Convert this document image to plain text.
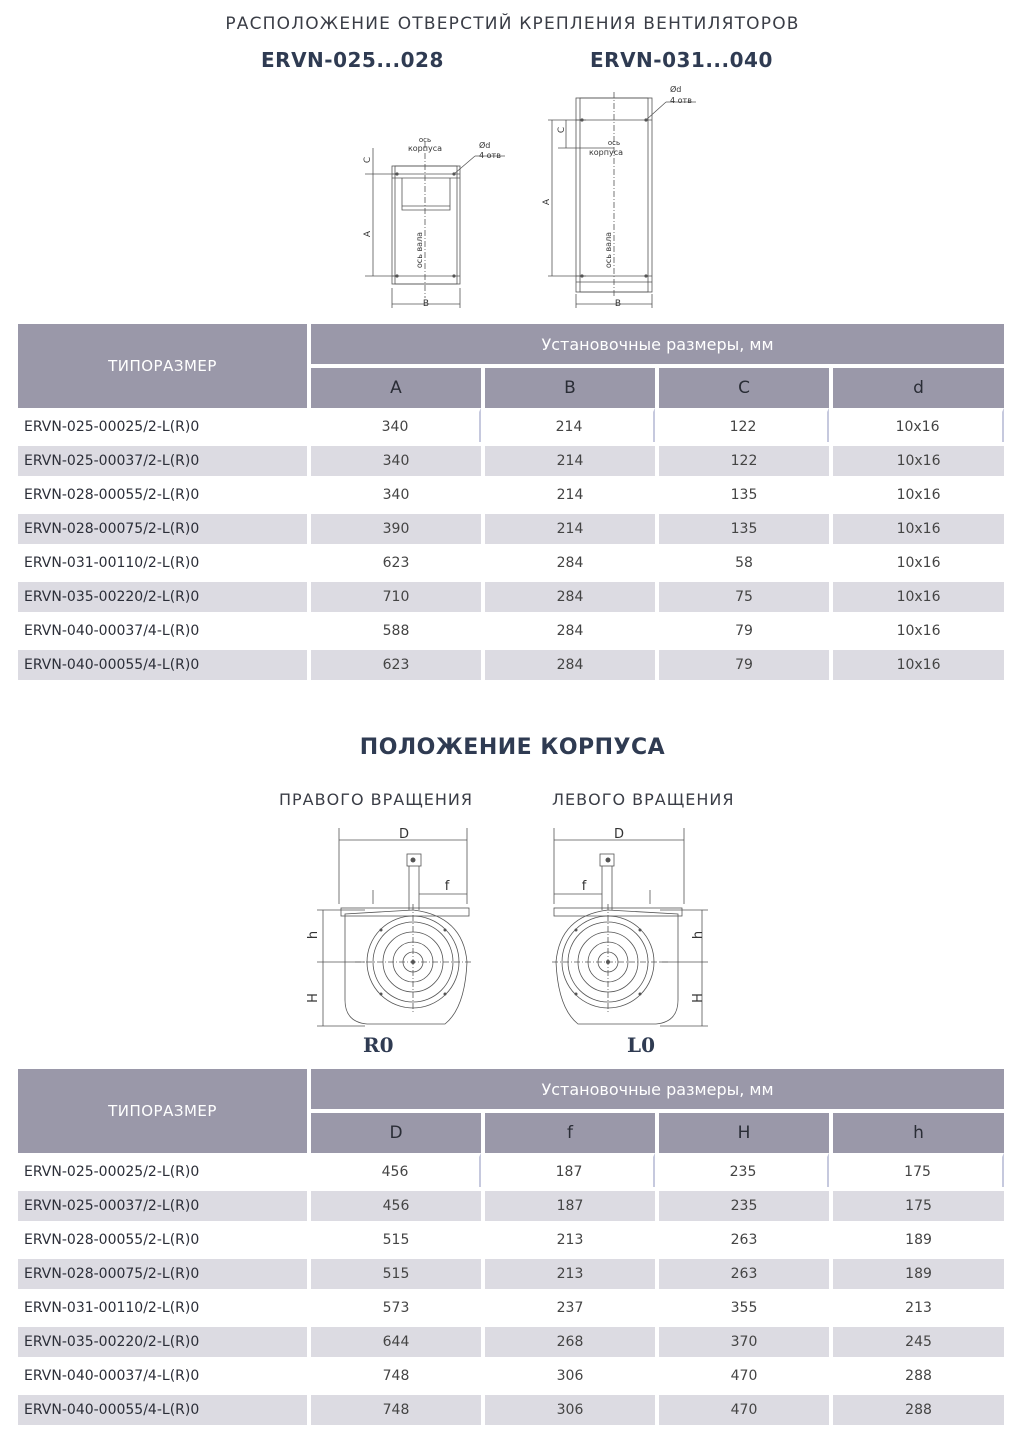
РАСПОЛОЖЕНИЕ ОТВЕРСТИЙ КРЕПЛЕНИЯ ВЕНТИЛЯТОРОВ
ERVN-025...028	ERVN-031...040
ось
корпуса	Ød
4 отв
C
A	ось вала
B
ось
корпуса
Ød
4 отв
C
A
ось вала
B
ТИПОРАЗМЕР	Установочные размеры, мм			
	A	B	C	d
ERVN-025-00025/2-L(R)0	340	214	122	10x16
ERVN-025-00037/2-L(R)0	340	214	122	10x16
ERVN-028-00055/2-L(R)0	340	214	135	10x16
ERVN-028-00075/2-L(R)0	390	214	135	10x16
ERVN-031-00110/2-L(R)0	623	284	58	10x16
ERVN-035-00220/2-L(R)0	710	284	75	10x16
ERVN-040-00037/4-L(R)0	588	284	79	10x16
ERVN-040-00055/4-L(R)0	623	284	79	10x16
ПОЛОЖЕНИЕ КОРПУСА
ПРАВОГО ВРАЩЕНИЯ	ЛЕВОГО ВРАЩЕНИЯ
D
f
h
H
D
f
h
H
R0	L0
ТИПОРАЗМЕР	Установочные размеры, мм			
	D	f	H	h
ERVN-025-00025/2-L(R)0	456	187	235	175
ERVN-025-00037/2-L(R)0	456	187	235	175
ERVN-028-00055/2-L(R)0	515	213	263	189
ERVN-028-00075/2-L(R)0	515	213	263	189
ERVN-031-00110/2-L(R)0	573	237	355	213
ERVN-035-00220/2-L(R)0	644	268	370	245
ERVN-040-00037/4-L(R)0	748	306	470	288
ERVN-040-00055/4-L(R)0	748	306	470	288
